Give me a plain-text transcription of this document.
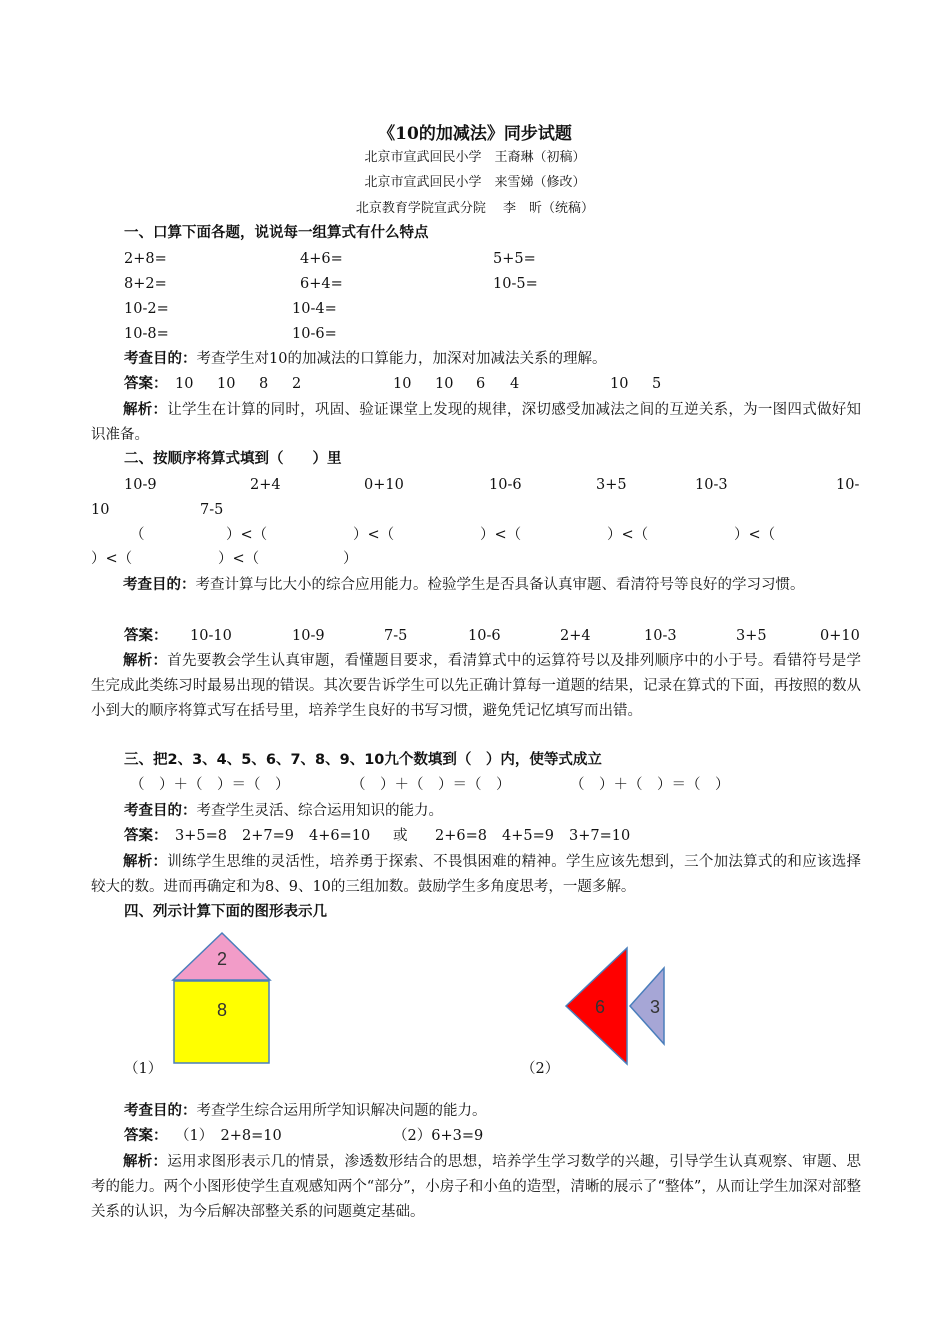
《10的加减法》同步试题
北京市宣武回民小学　王裔琳（初稿）
北京市宣武回民小学　来雪娣（修改）
北京教育学院宣武分院　 李　昕（统稿）
一、口算下面各题，说说每一组算式有什么特点
2+8=	4+6=	5+5=
8+2=	6+4=	10-5=
10-2=	10-4=
10-8=	10-6=
考查目的：考查学生对10的加减法的口算能力，加深对加减法关系的理解。
答案： 10 10 8 2	10 10 6 4	10 5
解析：让学生在计算的同时，巩固、验证课堂上发现的规律，深切感受加减法之间的互逆关系，为一图四式做好知识准备。
二、按顺序将算式填到（　　）里
10-9	2+4	0+10	10-6	3+5	10-3	10-
10	7-5
（	）<（	）<（	）<（	）<（	）<（
）<（	）<（	）
考查目的：考查计算与比大小的综合应用能力。检验学生是否具备认真审题、看清符号等良好的学习习惯。
答案： 10-10	10-9	7-5	10-6	2+4	10-3	3+5	0+10
解析：首先要教会学生认真审题，看懂题目要求，看清算式中的运算符号以及排列顺序中的小于号。看错符号是学生完成此类练习时最易出现的错误。其次要告诉学生可以先正确计算每一道题的结果，记录在算式的下面，再按照的数从小到大的顺序将算式写在括号里，培养学生良好的书写习惯，避免凭记忆填写而出错。
三、把2、3、4、5、6、7、8、9、10九个数填到（　）内，使等式成立
（　）＋（　）＝（　）	（　）＋（　）＝（　）	（　）＋（　）＝（　）
考查目的：考查学生灵活、综合运用知识的能力。
答案： 3+5=8 2+7=9 4+6=10 或 2+6=8 4+5=9 3+7=10
解析：训练学生思维的灵活性，培养勇于探索、不畏惧困难的精神。学生应该先想到，三个加法算式的和应该选择较大的数。进而再确定和为8、9、10的三组加数。鼓励学生多角度思考，一题多解。
四、列示计算下面的图形表示几
2
8
（1）
6 3
（2）
考查目的：考查学生综合运用所学知识解决问题的能力。
答案： （1）　2+8=10	（2）6+3=9
解析：运用求图形表示几的情景，渗透数形结合的思想，培养学生学习数学的兴趣，引导学生认真观察、审题、思考的能力。两个小图形使学生直观感知两个“部分”，小房子和小鱼的造型，清晰的展示了“整体”，从而让学生加深对部整关系的认识，为今后解决部整关系的问题奠定基础。
